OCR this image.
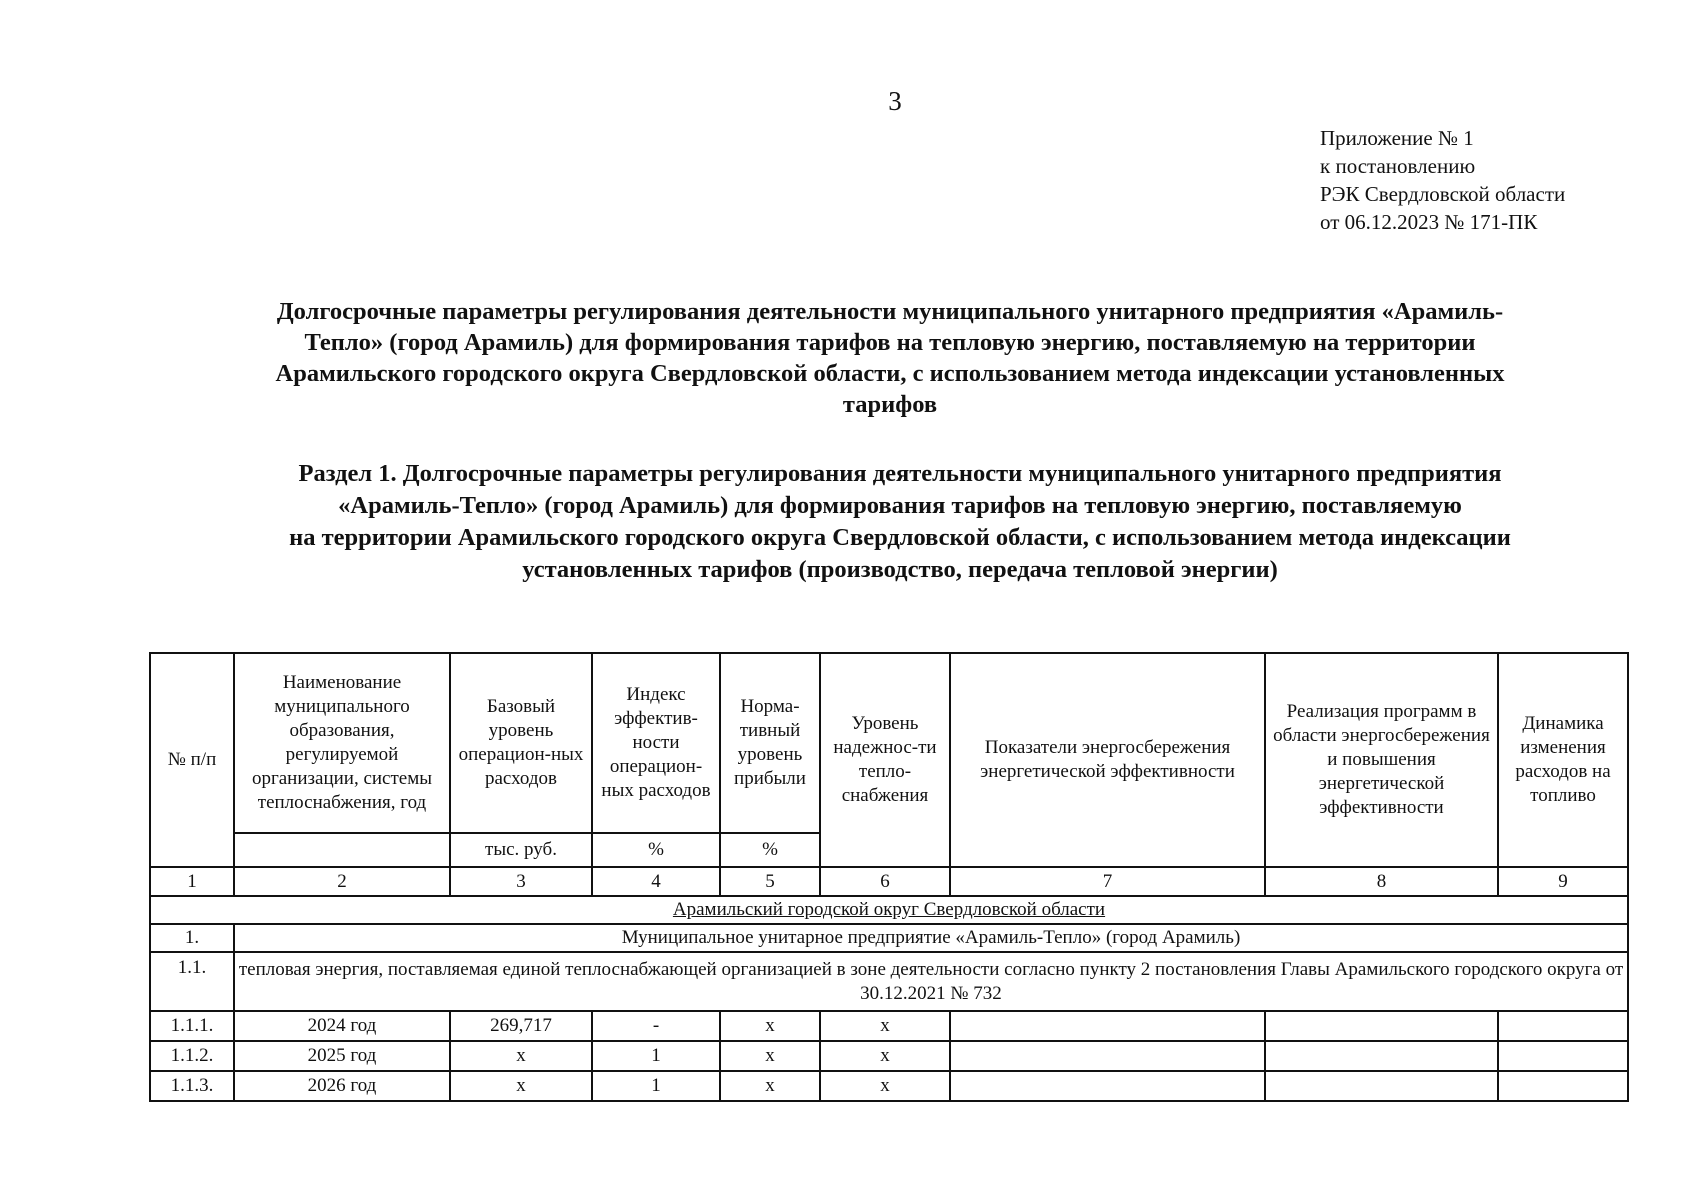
3
Приложение № 1
к постановлению
РЭК Свердловской области
от 06.12.2023 № 171-ПК
Долгосрочные параметры регулирования деятельности муниципального унитарного предприятия «Арамиль-
Тепло» (город Арамиль) для формирования тарифов на тепловую энергию, поставляемую на территории
Арамильского городского округа Свердловской области, с использованием метода индексации установленных
тарифов
Раздел 1. Долгосрочные параметры регулирования деятельности муниципального унитарного предприятия
«Арамиль-Тепло» (город Арамиль) для формирования тарифов на тепловую энергию, поставляемую
на территории Арамильского городского округа Свердловской области, с использованием метода индексации
установленных тарифов (производство, передача тепловой энергии)
№ п/п	Наименование муниципального образования, регулируемой организации, системы теплоснабжения, год	Базовый уровень операцион-ных расходов	Индекс эффектив-ности операцион-ных расходов	Норма-тивный уровень прибыли	Уровень надежнос-ти тепло-снабжения	Показатели энергосбережения энергетической эффективности	Реализация программ в области энергосбережения и повышения энергетической эффективности	Динамика изменения расходов на топливо
		тыс. руб.	%	%				
1	2	3	4	5	6	7	8	9
Арамильский городской округ Свердловской области								
1.	Муниципальное унитарное предприятие «Арамиль-Тепло» (город Арамиль)							
1.1.	тепловая энергия, поставляемая единой теплоснабжающей организацией в зоне деятельности согласно пункту 2 постановления Главы Арамильского городского округа от 30.12.2021 № 732							
1.1.1.	2024 год	269,717	-	x	x			
1.1.2.	2025 год	x	1	x	x			
1.1.3.	2026 год	x	1	x	x			
